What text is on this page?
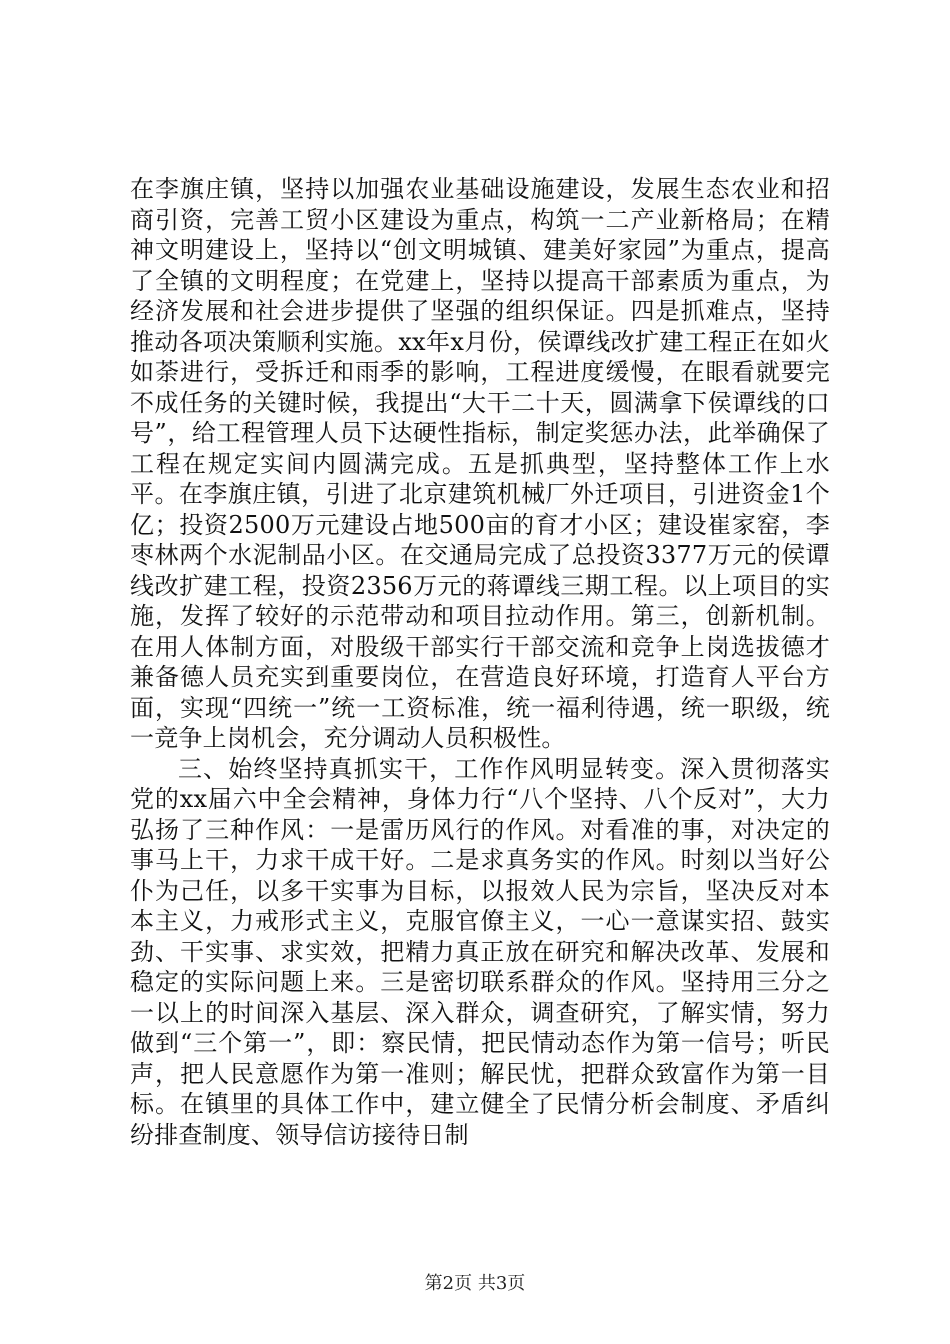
在李旗庄镇，坚持以加强农业基础设施建设，发展生态农业和招商引资，完善工贸小区建设为重点，构筑一二产业新格局；在精神文明建设上，坚持以“创文明城镇、建美好家园”为重点，提高了全镇的文明程度；在党建上，坚持以提高干部素质为重点，为经济发展和社会进步提供了坚强的组织保证。四是抓难点，坚持推动各项决策顺利实施。xx年x月份，侯谭线改扩建工程正在如火如荼进行，受拆迁和雨季的影响，工程进度缓慢，在眼看就要完不成任务的关键时候，我提出“大干二十天，圆满拿下侯谭线的口号”，给工程管理人员下达硬性指标，制定奖惩办法，此举确保了工程在规定实间内圆满完成。五是抓典型，坚持整体工作上水平。在李旗庄镇，引进了北京建筑机械厂外迁项目，引进资金1个亿；投资2500万元建设占地500亩的育才小区；建设崔家窑，李枣林两个水泥制品小区。在交通局完成了总投资3377万元的侯谭线改扩建工程，投资2356万元的蒋谭线三期工程。以上项目的实施，发挥了较好的示范带动和项目拉动作用。第三，创新机制。在用人体制方面，对股级干部实行干部交流和竞争上岗选拔德才兼备德人员充实到重要岗位，在营造良好环境，打造育人平台方面，实现“四统一”统一工资标准，统一福利待遇，统一职级，统一竞争上岗机会，充分调动人员积极性。

三、始终坚持真抓实干，工作作风明显转变。深入贯彻落实党的xx届六中全会精神，身体力行“八个坚持、八个反对”，大力弘扬了三种作风：一是雷历风行的作风。对看准的事，对决定的事马上干，力求干成干好。二是求真务实的作风。时刻以当好公仆为己任，以多干实事为目标，以报效人民为宗旨，坚决反对本本主义，力戒形式主义，克服官僚主义，一心一意谋实招、鼓实劲、干实事、求实效，把精力真正放在研究和解决改革、发展和稳定的实际问题上来。三是密切联系群众的作风。坚持用三分之一以上的时间深入基层、深入群众，调查研究，了解实情，努力做到“三个第一”，即：察民情，把民情动态作为第一信号；听民声，把人民意愿作为第一准则；解民忧，把群众致富作为第一目标。在镇里的具体工作中，建立健全了民情分析会制度、矛盾纠纷排查制度、领导信访接待日制

第2页 共3页
